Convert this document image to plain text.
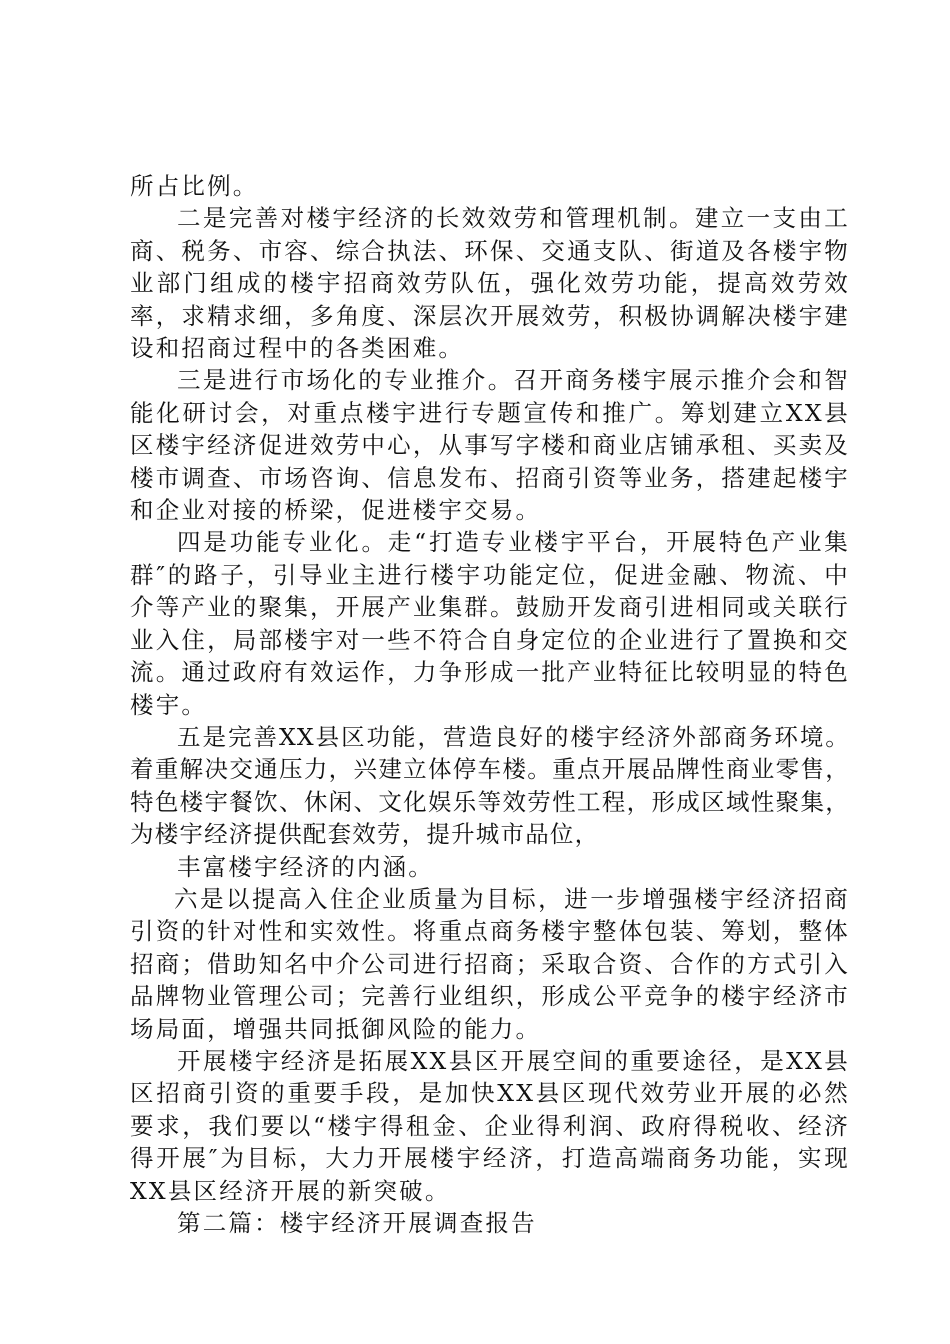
所占比例。

二是完善对楼宇经济的长效效劳和管理机制。建立一支由工商、税务、市容、综合执法、环保、交通支队、街道及各楼宇物业部门组成的楼宇招商效劳队伍，强化效劳功能，提高效劳效率，求精求细，多角度、深层次开展效劳，积极协调解决楼宇建设和招商过程中的各类困难。

三是进行市场化的专业推介。召开商务楼宇展示推介会和智能化研讨会，对重点楼宇进行专题宣传和推广。筹划建立XX县区楼宇经济促进效劳中心，从事写字楼和商业店铺承租、买卖及楼市调查、市场咨询、信息发布、招商引资等业务，搭建起楼宇和企业对接的桥梁，促进楼宇交易。

四是功能专业化。走“打造专业楼宇平台，开展特色产业集群″的路子，引导业主进行楼宇功能定位，促进金融、物流、中介等产业的聚集，开展产业集群。鼓励开发商引进相同或关联行业入住，局部楼宇对一些不符合自身定位的企业进行了置换和交流。通过政府有效运作，力争形成一批产业特征比较明显的特色楼宇。

五是完善XX县区功能，营造良好的楼宇经济外部商务环境。着重解决交通压力，兴建立体停车楼。重点开展品牌性商业零售，特色楼宇餐饮、休闲、文化娱乐等效劳性工程，形成区域性聚集，为楼宇经济提供配套效劳，提升城市品位，

丰富楼宇经济的内涵。

六是以提高入住企业质量为目标，进一步增强楼宇经济招商引资的针对性和实效性。将重点商务楼宇整体包装、筹划，整体招商；借助知名中介公司进行招商；采取合资、合作的方式引入品牌物业管理公司；完善行业组织，形成公平竞争的楼宇经济市场局面，增强共同抵御风险的能力。

开展楼宇经济是拓展XX县区开展空间的重要途径，是XX县区招商引资的重要手段，是加快XX县区现代效劳业开展的必然要求，我们要以“楼宇得租金、企业得利润、政府得税收、经济得开展″为目标，大力开展楼宇经济，打造高端商务功能，实现XX县区经济开展的新突破。

第二篇：楼宇经济开展调查报告
